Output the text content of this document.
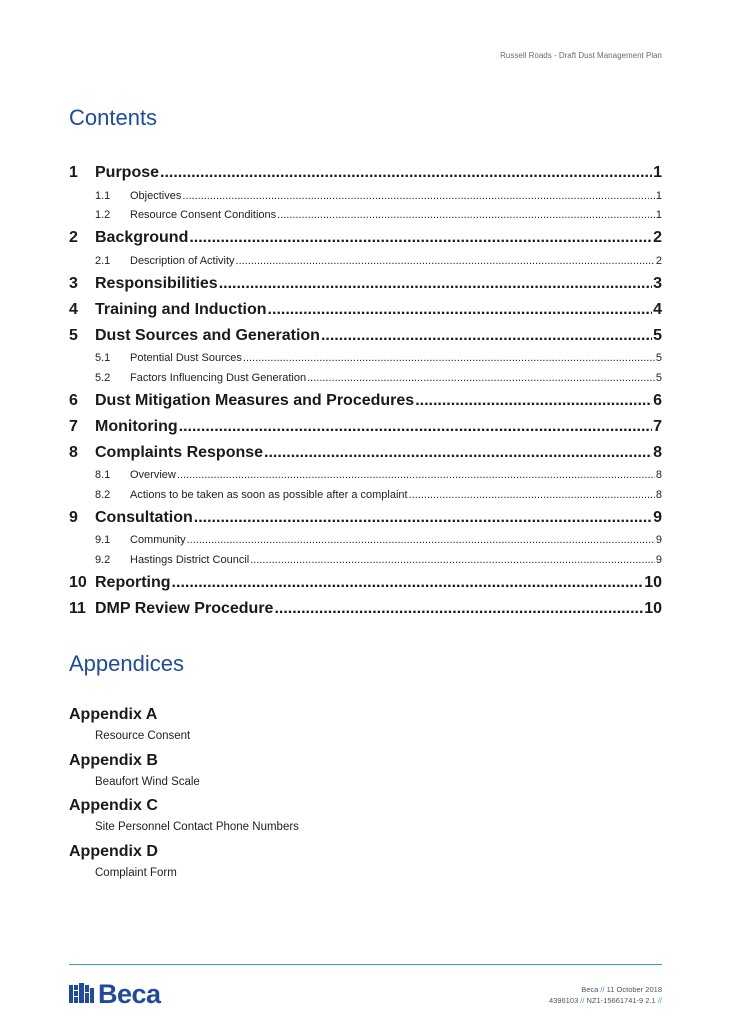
Russell Roads - Draft Dust Management Plan
Contents
1	Purpose .....	1
1.1	Objectives .....	1
1.2	Resource Consent Conditions .....	1
2	Background .....	2
2.1	Description of Activity .....	2
3	Responsibilities .....	3
4	Training and Induction .....	4
5	Dust Sources and Generation .....	5
5.1	Potential Dust Sources .....	5
5.2	Factors Influencing Dust Generation .....	5
6	Dust Mitigation Measures and Procedures .....	6
7	Monitoring .....	7
8	Complaints Response .....	8
8.1	Overview .....	8
8.2	Actions to be taken as soon as possible after a complaint .....	8
9	Consultation .....	9
9.1	Community .....	9
9.2	Hastings District Council .....	9
10 Reporting .....	10
11 DMP Review Procedure .....	10
Appendices
Appendix A
Resource Consent
Appendix B
Beaufort Wind Scale
Appendix C
Site Personnel Contact Phone Numbers
Appendix D
Complaint Form
Beca	Beca // 11 October 2018
4396103 // NZ1-15661741-9 2.1 //
